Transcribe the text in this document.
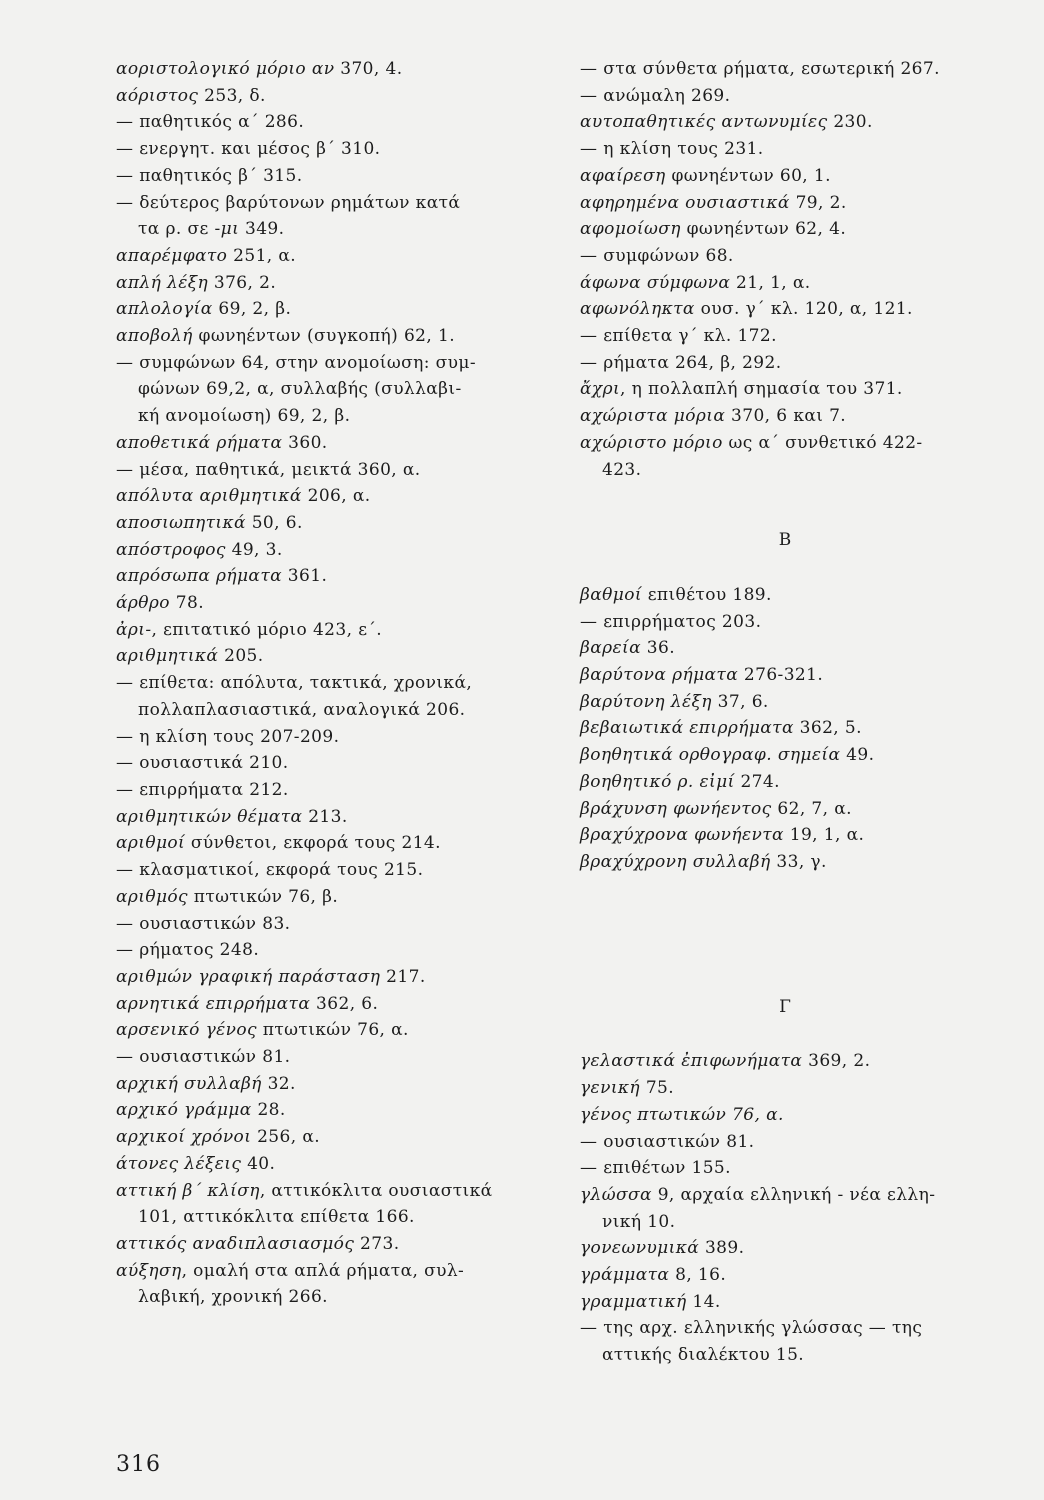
αοριστολογικό μόριο αν 370, 4.
αόριστος 253, δ.
— παθητικός α΄ 286.
— ενεργητ. και μέσος β΄ 310.
— παθητικός β΄ 315.
— δεύτερος βαρύτονων ρημάτων κατά
τα ρ. σε -μι 349.
απαρέμφατο 251, α.
απλή λέξη 376, 2.
απλολογία 69, 2, β.
αποβολή φωνηέντων (συγκοπή) 62, 1.
— συμφώνων 64, στην ανομοίωση: συμ-
φώνων 69,2, α, συλλαβής (συλλαβι-
κή ανομοίωση) 69, 2, β.
αποθετικά ρήματα 360.
— μέσα, παθητικά, μεικτά 360, α.
απόλυτα αριθμητικά 206, α.
αποσιωπητικά 50, 6.
απόστροφος 49, 3.
απρόσωπα ρήματα 361.
άρθρο 78.
ἀρι-, επιτατικό μόριο 423, ε΄.
αριθμητικά 205.
— επίθετα: απόλυτα, τακτικά, χρονικά,
πολλαπλασιαστικά, αναλογικά 206.
— η κλίση τους 207-209.
— ουσιαστικά 210.
— επιρρήματα 212.
αριθμητικών θέματα 213.
αριθμοί σύνθετοι, εκφορά τους 214.
— κλασματικοί, εκφορά τους 215.
αριθμός πτωτικών 76, β.
— ουσιαστικών 83.
— ρήματος 248.
αριθμών γραφική παράσταση 217.
αρνητικά επιρρήματα 362, 6.
αρσενικό γένος πτωτικών 76, α.
— ουσιαστικών 81.
αρχική συλλαβή 32.
αρχικό γράμμα 28.
αρχικοί χρόνοι 256, α.
άτονες λέξεις 40.
αττική β΄ κλίση, αττικόκλιτα ουσιαστικά
101, αττικόκλιτα επίθετα 166.
αττικός αναδιπλασιασμός 273.
αύξηση, ομαλή στα απλά ρήματα, συλ-
λαβική, χρονική 266.
— στα σύνθετα ρήματα, εσωτερική 267.
— ανώμαλη 269.
αυτοπαθητικές αντωνυμίες 230.
— η κλίση τους 231.
αφαίρεση φωνηέντων 60, 1.
αφηρημένα ουσιαστικά 79, 2.
αφομοίωση φωνηέντων 62, 4.
— συμφώνων 68.
άφωνα σύμφωνα 21, 1, α.
αφωνόληκτα ουσ. γ΄ κλ. 120, α, 121.
— επίθετα γ΄ κλ. 172.
— ρήματα 264, β, 292.
ἄχρι, η πολλαπλή σημασία του 371.
αχώριστα μόρια 370, 6 και 7.
αχώριστο μόριο ως α΄ συνθετικό 422-
423.
Β
βαθμοί επιθέτου 189.
— επιρρήματος 203.
βαρεία 36.
βαρύτονα ρήματα 276-321.
βαρύτονη λέξη 37, 6.
βεβαιωτικά επιρρήματα 362, 5.
βοηθητικά ορθογραφ. σημεία 49.
βοηθητικό ρ. εἰμί 274.
βράχυνση φωνήεντος 62, 7, α.
βραχύχρονα φωνήεντα 19, 1, α.
βραχύχρονη συλλαβή 33, γ.
Γ
γελαστικά ἐπιφωνήματα 369, 2.
γενική 75.
γένος πτωτικών 76, α.
— ουσιαστικών 81.
— επιθέτων 155.
γλώσσα 9, αρχαία ελληνική - νέα ελλη-
νική 10.
γονεωνυμικά 389.
γράμματα 8, 16.
γραμματική 14.
— της αρχ. ελληνικής γλώσσας — της
αττικής διαλέκτου 15.
316
